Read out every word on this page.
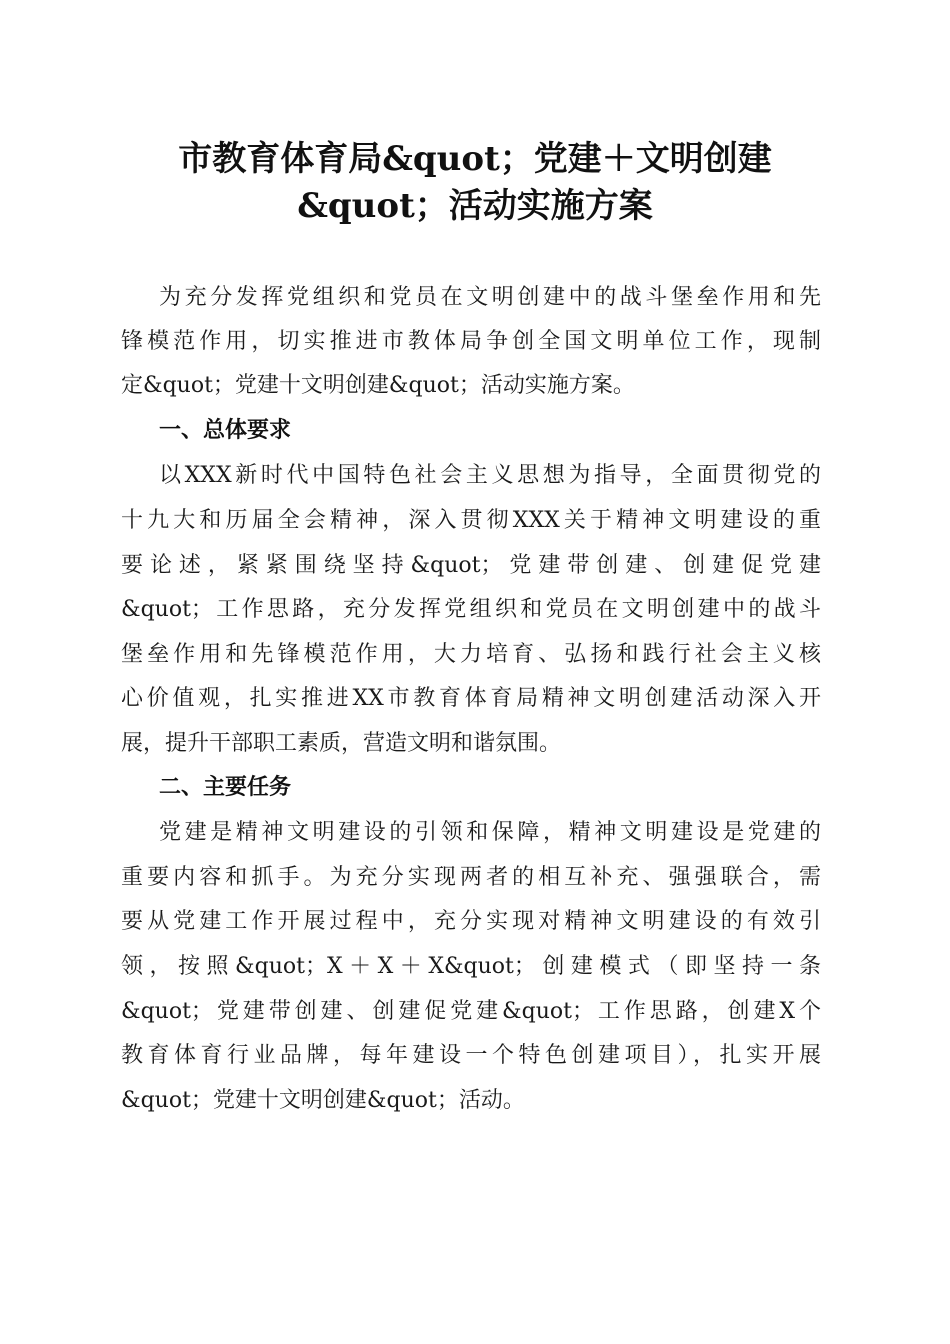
市教育体育局&quot；党建＋文明创建
&quot；活动实施方案
为充分发挥党组织和党员在文明创建中的战斗堡垒作用和先
锋模范作用，切实推进市教体局争创全国文明单位工作，现制
定&quot；党建十文明创建&quot；活动实施方案。
一、总体要求
以XXX新时代中国特色社会主义思想为指导，全面贯彻党的
十九大和历届全会精神，深入贯彻XXX关于精神文明建设的重
要论述，紧紧围绕坚持&quot；党建带创建、创建促党建
&quot；工作思路，充分发挥党组织和党员在文明创建中的战斗
堡垒作用和先锋模范作用，大力培育、弘扬和践行社会主义核
心价值观，扎实推进XX市教育体育局精神文明创建活动深入开
展，提升干部职工素质，营造文明和谐氛围。
二、主要任务
党建是精神文明建设的引领和保障，精神文明建设是党建的
重要内容和抓手。为充分实现两者的相互补充、强强联合，需
要从党建工作开展过程中，充分实现对精神文明建设的有效引
领，按照&quot；X＋X＋X&quot；创建模式（即坚持一条
&quot；党建带创建、创建促党建&quot；工作思路，创建X个
教育体育行业品牌，每年建设一个特色创建项目），扎实开展
&quot；党建十文明创建&quot；活动。
